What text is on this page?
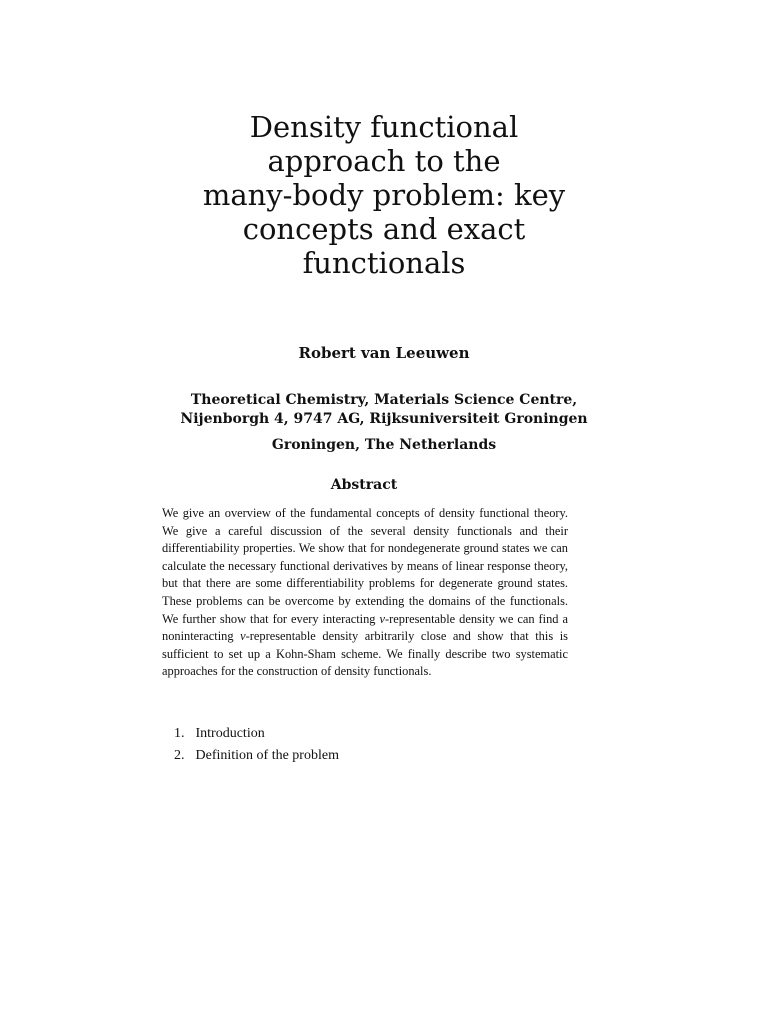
Density functional
approach to the
many-body problem: key
concepts and exact
functionals
Robert van Leeuwen
Theoretical Chemistry, Materials Science Centre,
Nijenborgh 4, 9747 AG, Rijksuniversiteit Groningen
Groningen, The Netherlands
Abstract

We give an overview of the fundamental concepts of density functional theory. We give a careful discussion of the several density functionals and their differentiability properties. We show that for nondegenerate ground states we can calculate the necessary functional derivatives by means of linear response theory, but that there are some differentiability problems for degenerate ground states. These problems can be overcome by extending the domains of the functionals. We further show that for every interacting v-representable density we can find a noninteracting v-representable density arbitrarily close and show that this is sufficient to set up a Kohn-Sham scheme. We finally describe two systematic approaches for the construction of density functionals.

1. Introduction
2. Definition of the problem
